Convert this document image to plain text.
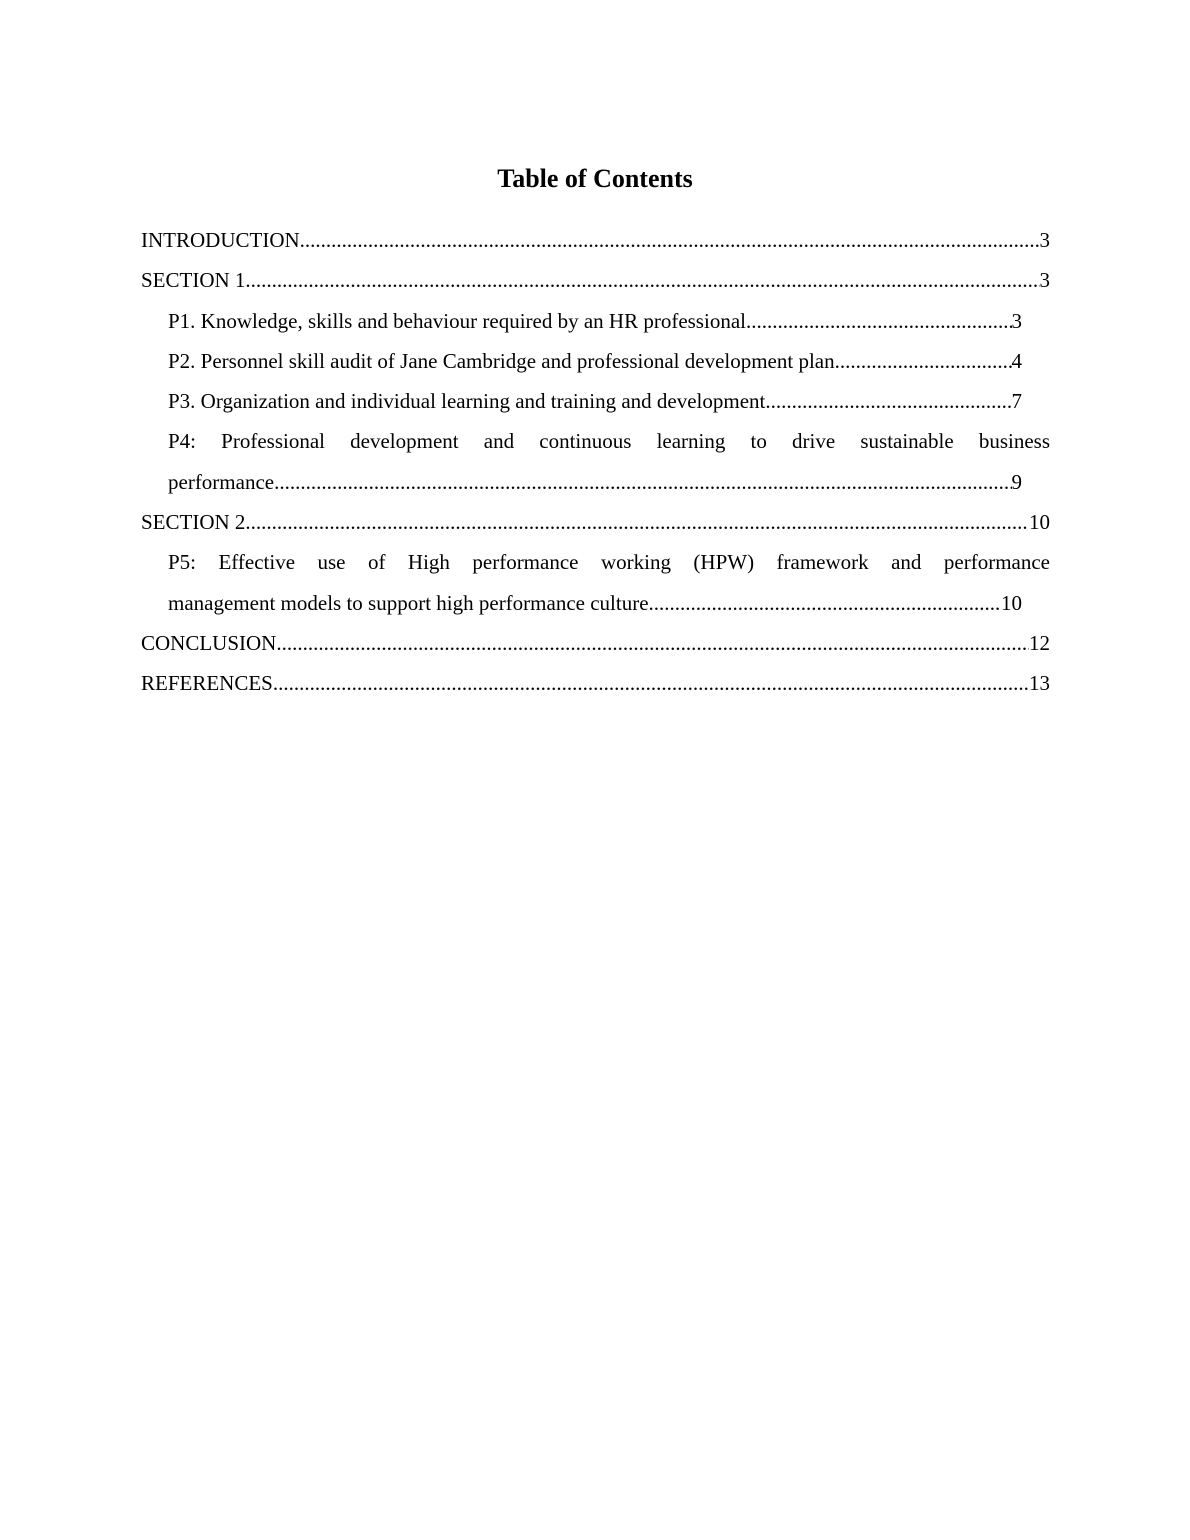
Table of Contents
INTRODUCTION .....	3
SECTION 1 .....	3
P1. Knowledge, skills and behaviour required by an HR professional .....	3
P2. Personnel skill audit of Jane Cambridge and professional development plan .....	4
P3. Organization and individual learning and training and development .....	7
P4: Professional development and continuous learning to drive sustainable business
performance .....	9
SECTION 2 .....	10
P5: Effective use of High performance working (HPW) framework and performance
management models to support high performance culture .....	10
CONCLUSION .....	12
REFERENCES .....	13
